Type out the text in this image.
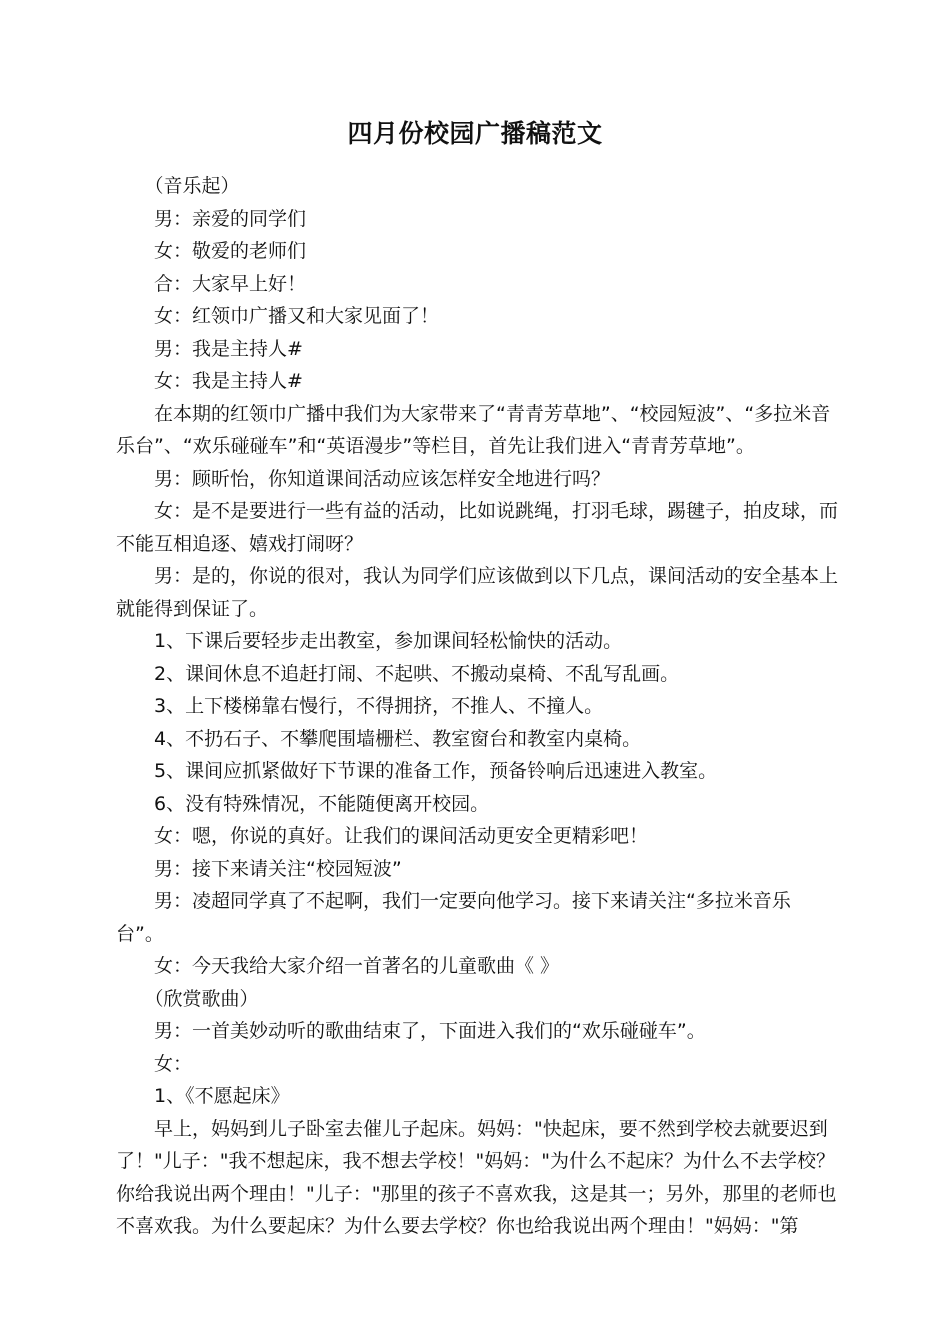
四月份校园广播稿范文

（音乐起）

男：亲爱的同学们

女：敬爱的老师们

合：大家早上好！

女：红领巾广播又和大家见面了！

男：我是主持人#

女：我是主持人#

在本期的红领巾广播中我们为大家带来了“青青芳草地”、“校园短波”、“多拉米音乐台”、“欢乐碰碰车”和“英语漫步”等栏目，首先让我们进入“青青芳草地”。

男：顾昕怡，你知道课间活动应该怎样安全地进行吗？

女：是不是要进行一些有益的活动，比如说跳绳，打羽毛球，踢毽子，拍皮球，而不能互相追逐、嬉戏打闹呀？

男：是的，你说的很对，我认为同学们应该做到以下几点，课间活动的安全基本上就能得到保证了。

1、下课后要轻步走出教室，参加课间轻松愉快的活动。

2、课间休息不追赶打闹、不起哄、不搬动桌椅、不乱写乱画。

3、上下楼梯靠右慢行，不得拥挤，不推人、不撞人。

4、不扔石子、不攀爬围墙栅栏、教室窗台和教室内桌椅。

5、课间应抓紧做好下节课的准备工作，预备铃响后迅速进入教室。

6、没有特殊情况，不能随便离开校园。

女：嗯，你说的真好。让我们的课间活动更安全更精彩吧！

男：接下来请关注“校园短波”

男：凌超同学真了不起啊，我们一定要向他学习。接下来请关注“多拉米音乐台”。

女：今天我给大家介绍一首著名的儿童歌曲《 》

（欣赏歌曲）

男：一首美妙动听的歌曲结束了，下面进入我们的“欢乐碰碰车”。

女：

1、《不愿起床》

早上，妈妈到儿子卧室去催儿子起床。妈妈："快起床，要不然到学校去就要迟到了！"儿子："我不想起床，我不想去学校！"妈妈："为什么不起床？为什么不去学校？你给我说出两个理由！"儿子："那里的孩子不喜欢我，这是其一；另外，那里的老师也不喜欢我。为什么要起床？为什么要去学校？你也给我说出两个理由！"妈妈："第
